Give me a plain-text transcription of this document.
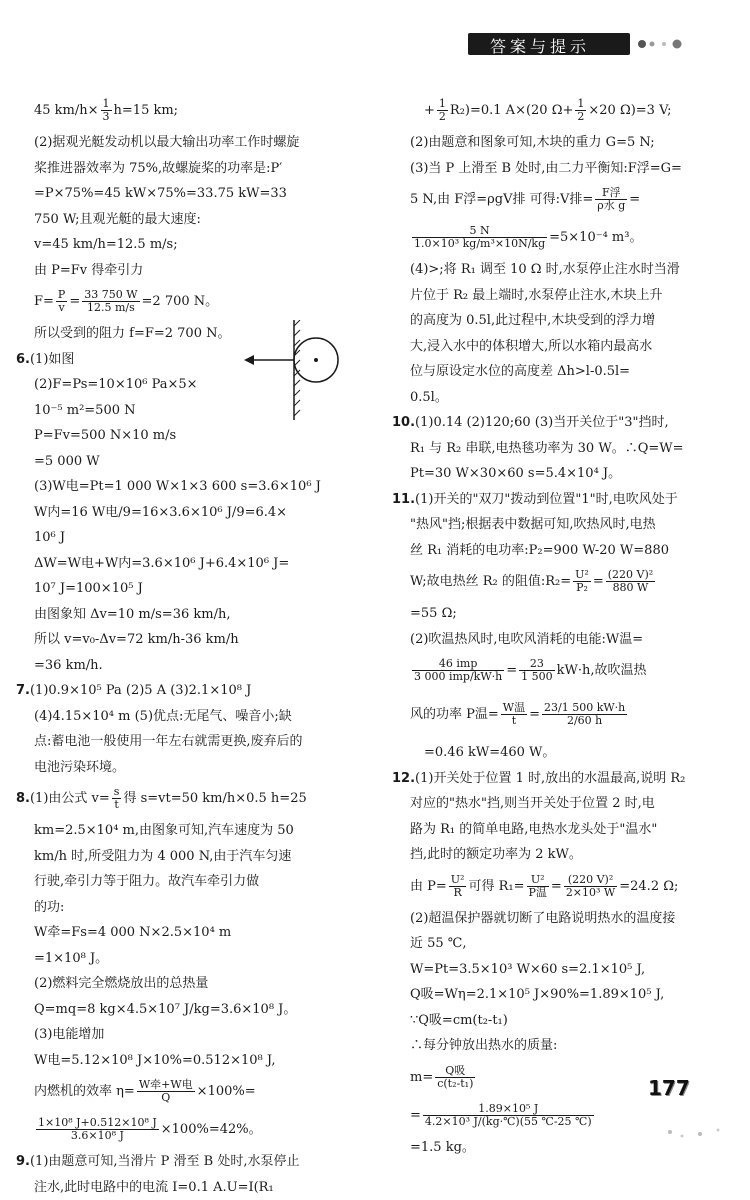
答案与提示
45 $km/h\times \frac{1}{3} h=15$ km;
(2)据观光艇发动机以最大输出功率工作时螺旋
桨推进器效率为 75%,故螺旋桨的功率是:P′
=P×75%=45 kW×75%=33.75 kW=33
750 W;且观光艇的最大速度:
v=45 km/h=12.5 m/s;
由 P=Fv 得牵引力
$F= \frac{P}{v} = \frac{33 750 W}{12.5 m/s} =2$ 700 N。
所以受到的阻力 f=F=2 700 N。
6.(1)如图
(2)F=Ps=10×10⁶ Pa×5×
10⁻⁵ m²=500 N
P=Fv=500 N×10 m/s
=5 000 W
(3)W电=Pt=1 000 W×1×3 600 s=3.6×10⁶ J
W内=16 W电/9=16×3.6×10⁶ J/9=6.4×
10⁶ J
ΔW=W电+W内=3.6×10⁶ J+6.4×10⁶ J=
10⁷ J=100×10⁵ J
由图象知 Δv=10 m/s=36 km/h,
所以 v=v₀-Δv=72 km/h-36 km/h
=36 km/h.
7.(1)0.9×10⁵ Pa (2)5 A (3)2.1×10⁸ J
(4)4.15×10⁴ m (5)优点:无尾气、噪音小;缺
点:蓄电池一般使用一年左右就需更换,废弃后的
电池污染环境。
8.(1)由公式 $v= \frac{s}{t}$ 得 s=vt=50 km/h×0.5 h=25
km=2.5×10⁴ m,由图象可知,汽车速度为 50
km/h 时,所受阻力为 4 000 N,由于汽车匀速
行驶,牵引力等于阻力。故汽车牵引力做
的功:
W牵=Fs=4 000 N×2.5×10⁴ m
=1×10⁸ J。
(2)燃料完全燃烧放出的总热量
Q=mq=8 kg×4.5×10⁷ J/kg=3.6×10⁸ J。
(3)电能增加
W电=5.12×10⁸ J×10%=0.512×10⁸ J,
内燃机的效率 $\eta= \frac{\text{W牵+W电}}{Q} \times 100\%=$
$\frac{\text{1×10⁸ J+0.512×10⁸ J}}{\text{3.6×10⁸ J}} \times 100\%=42\%$。
9.(1)由题意可知,当滑片 P 滑至 B 处时,水泵停止
注水,此时电路中的电流 I=0.1 A.U=I(R₁
+ $\frac{1}{2} R_2)=0.1$ A×(20 $\Omega+ \frac{1}{2} \times 20$ Ω)=3 V;
(2)由题意和图象可知,木块的重力 G=5 N;
(3)当 P 上滑至 B 处时,由二力平衡知:F浮=G=
5 N,由 F浮=ρgV排 可得:V排= $\frac{\text{F浮}}{\text{ρ水 g}}$ =
$\frac{5 N}{\text{1.0×10³ kg/m³×10N/kg}} =5\times 10^{-4}$ m³。
(4)>;将 R₁ 调至 10 Ω 时,水泵停止注水时当滑
片位于 R₂ 最上端时,水泵停止注水,木块上升
的高度为 0.5l,此过程中,木块受到的浮力增
大,浸入水中的体积增大,所以水箱内最高水
位与原设定水位的高度差 Δh>l-0.5l=
0.5l。
10.(1)0.14 (2)120;60 (3)当开关位于"3"挡时,
R₁ 与 R₂ 串联,电热毯功率为 30 W。∴Q=W=
Pt=30 W×30×60 s=5.4×10⁴ J。
11.(1)开关的"双刀"拨动到位置"1"时,电吹风处于
"热风"挡;根据表中数据可知,吹热风时,电热
丝 R₁ 消耗的电功率:P₂=900 W-20 W=880
W;故电热丝 R₂ 的阻值:R₂= $\frac{\text{U²}}{\text{P₂}} = \frac{\text{(220 V)²}}{880 W}$
=55 Ω;
(2)吹温热风时,电吹风消耗的电能:W温=
$\frac{\text{46 imp}}{\text{3 000 imp/kW·h}} = \frac{23}{1 500} kW\cdot h$,故吹温热
风的功率 P温= $\frac{\text{W温}}{t} = \frac{23/1 500 kW\cdot h}{2/60 h}$
=0.46 kW=460 W。
12.(1)开关处于位置 1 时,放出的水温最高,说明 R₂
对应的"热水"挡,则当开关处于位置 2 时,电
路为 R₁ 的简单电路,电热水龙头处于"温水"
挡,此时的额定功率为 2 kW。
由 $P= \frac{\text{U²}}{R}$ 可得 $R_1= \frac{\text{U²}}{\text{P温}} = \frac{\text{(220 V)²}}{\text{2×10³ W}} =24.2$ Ω;
(2)超温保护器就切断了电路说明热水的温度接
近 55 ℃,
W=Pt=3.5×10³ W×60 s=2.1×10⁵ J,
Q吸=Wη=2.1×10⁵ J×90%=1.89×10⁵ J,
∵Q吸=cm(t₂-t₁)
∴每分钟放出热水的质量:
$m= \frac{\text{Q吸}}{\text{c(t₂-t₁)}}$
= $\frac{\text{1.89×10⁵ J}}{\text{4.2×10³ J/(kg·℃)(55 ℃-25 ℃)}}$
=1.5 kg。
177
